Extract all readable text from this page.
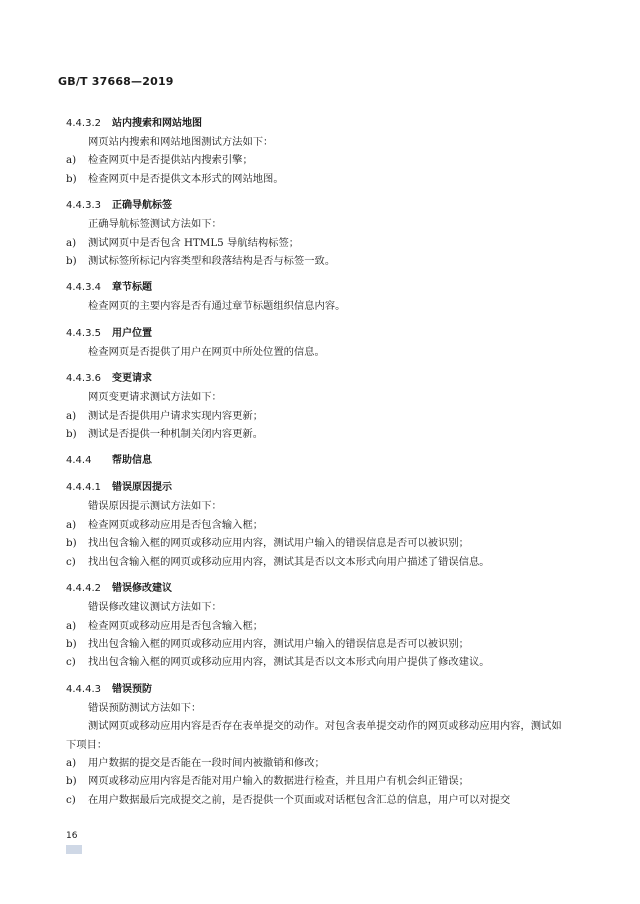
GB/T 37668—2019
4.4.3.2 站内搜索和网站地图

网页站内搜索和网站地图测试方法如下：

a) 检查网页中是否提供站内搜索引擎；
b) 检查网页中是否提供文本形式的网站地图。
4.4.3.3 正确导航标签

正确导航标签测试方法如下：

a) 测试网页中是否包含 HTML5 导航结构标签；
b) 测试标签所标记内容类型和段落结构是否与标签一致。
4.4.3.4 章节标题

检查网页的主要内容是否有通过章节标题组织信息内容。

4.4.3.5 用户位置

检查网页是否提供了用户在网页中所处位置的信息。

4.4.3.6 变更请求

网页变更请求测试方法如下：

a) 测试是否提供用户请求实现内容更新；
b) 测试是否提供一种机制关闭内容更新。
4.4.4 帮助信息
4.4.4.1 错误原因提示

错误原因提示测试方法如下：

a) 检查网页或移动应用是否包含输入框；
b) 找出包含输入框的网页或移动应用内容，测试用户输入的错误信息是否可以被识别；
c) 找出包含输入框的网页或移动应用内容，测试其是否以文本形式向用户描述了错误信息。
4.4.4.2 错误修改建议

错误修改建议测试方法如下：

a) 检查网页或移动应用是否包含输入框；
b) 找出包含输入框的网页或移动应用内容，测试用户输入的错误信息是否可以被识别；
c) 找出包含输入框的网页或移动应用内容，测试其是否以文本形式向用户提供了修改建议。
4.4.4.3 错误预防

错误预防测试方法如下：

测试网页或移动应用内容是否存在表单提交的动作。对包含表单提交动作的网页或移动应用内容，测试如下项目：

a) 用户数据的提交是否能在一段时间内被撤销和修改；
b) 网页或移动应用内容是否能对用户输入的数据进行检查，并且用户有机会纠正错误；
c) 在用户数据最后完成提交之前，是否提供一个页面或对话框包含汇总的信息，用户可以对提交
16
